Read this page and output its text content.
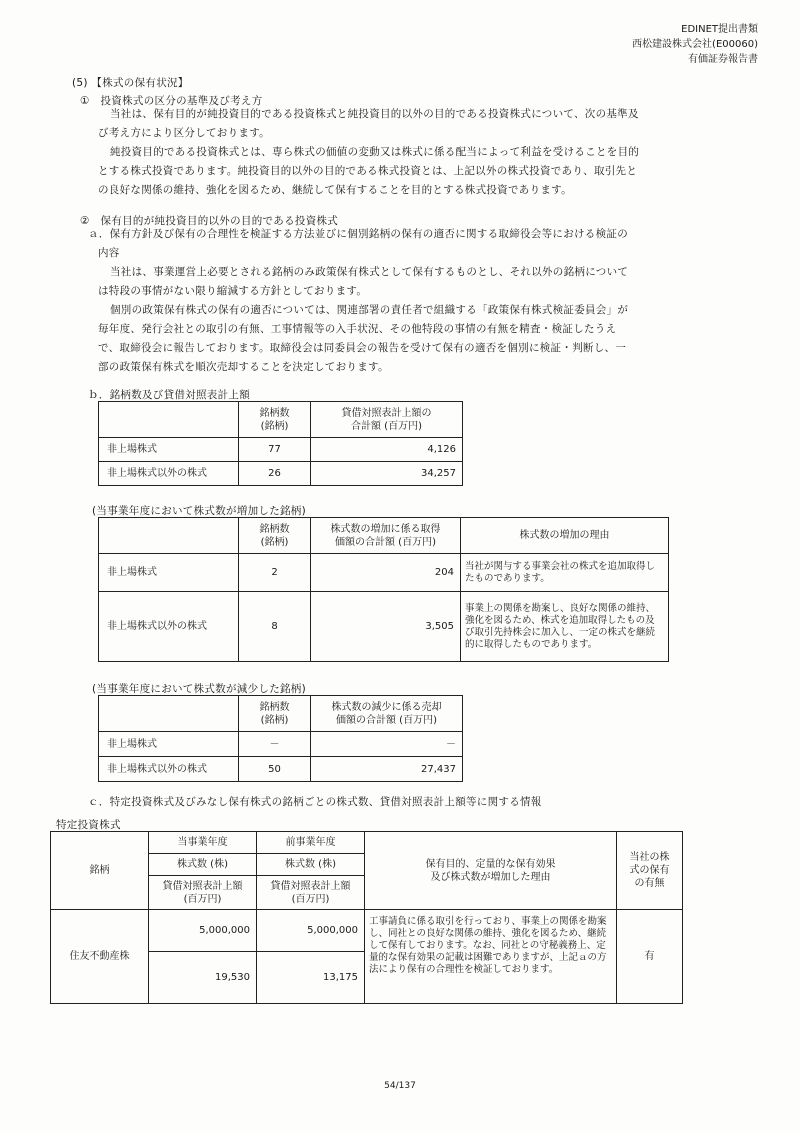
EDINET提出書類
西松建設株式会社(E00060)
有価証券報告書
(5) 【株式の保有状況】
①　投資株式の区分の基準及び考え方
当社は、保有目的が純投資目的である投資株式と純投資目的以外の目的である投資株式について、次の基準及
び考え方により区分しております。
純投資目的である投資株式とは、専ら株式の価値の変動又は株式に係る配当によって利益を受けることを目的
とする株式投資であります。純投資目的以外の目的である株式投資とは、上記以外の株式投資であり、取引先と
の良好な関係の維持、強化を図るため、継続して保有することを目的とする株式投資であります。
②　保有目的が純投資目的以外の目的である投資株式
ａ．保有方針及び保有の合理性を検証する方法並びに個別銘柄の保有の適否に関する取締役会等における検証の
内容
当社は、事業運営上必要とされる銘柄のみ政策保有株式として保有するものとし、それ以外の銘柄について
は特段の事情がない限り縮減する方針としております。
個別の政策保有株式の保有の適否については、関連部署の責任者で組織する「政策保有株式検証委員会」が
毎年度、発行会社との取引の有無、工事情報等の入手状況、その他特段の事情の有無を精査・検証したうえ
で、取締役会に報告しております。取締役会は同委員会の報告を受けて保有の適否を個別に検証・判断し、一
部の政策保有株式を順次売却することを決定しております。
ｂ．銘柄数及び貸借対照表計上額
	銘柄数
(銘柄)	貸借対照表計上額の
合計額 (百万円)
非上場株式	77	4,126
非上場株式以外の株式	26	34,257
(当事業年度において株式数が増加した銘柄)
	銘柄数
(銘柄)	株式数の増加に係る取得
価額の合計額 (百万円)	株式数の増加の理由
非上場株式	2	204	当社が関与する事業会社の株式を追加取得したものであります。
非上場株式以外の株式	8	3,505	事業上の関係を勘案し、良好な関係の維持、強化を図るため、株式を追加取得したもの及び取引先持株会に加入し、一定の株式を継続的に取得したものであります。
(当事業年度において株式数が減少した銘柄)
	銘柄数
(銘柄)	株式数の減少に係る売却
価額の合計額 (百万円)
非上場株式	－	－
非上場株式以外の株式	50	27,437
ｃ．特定投資株式及びみなし保有株式の銘柄ごとの株式数、貸借対照表計上額等に関する情報
特定投資株式
銘柄	当事業年度	前事業年度	保有目的、定量的な保有効果
及び株式数が増加した理由	当社の株
式の保有
の有無
	株式数 (株)	株式数 (株)		
	貸借対照表計上額
(百万円)	貸借対照表計上額
(百万円)		
住友不動産株	5,000,000	5,000,000	工事請負に係る取引を行っており、事業上の関係を勘案し、同社との良好な関係の維持、強化を図るため、継続して保有しております。なお、同社との守秘義務上、定量的な保有効果の記載は困難でありますが、上記ａの方法により保有の合理性を検証しております。	有
	19,530	13,175		
54/137
